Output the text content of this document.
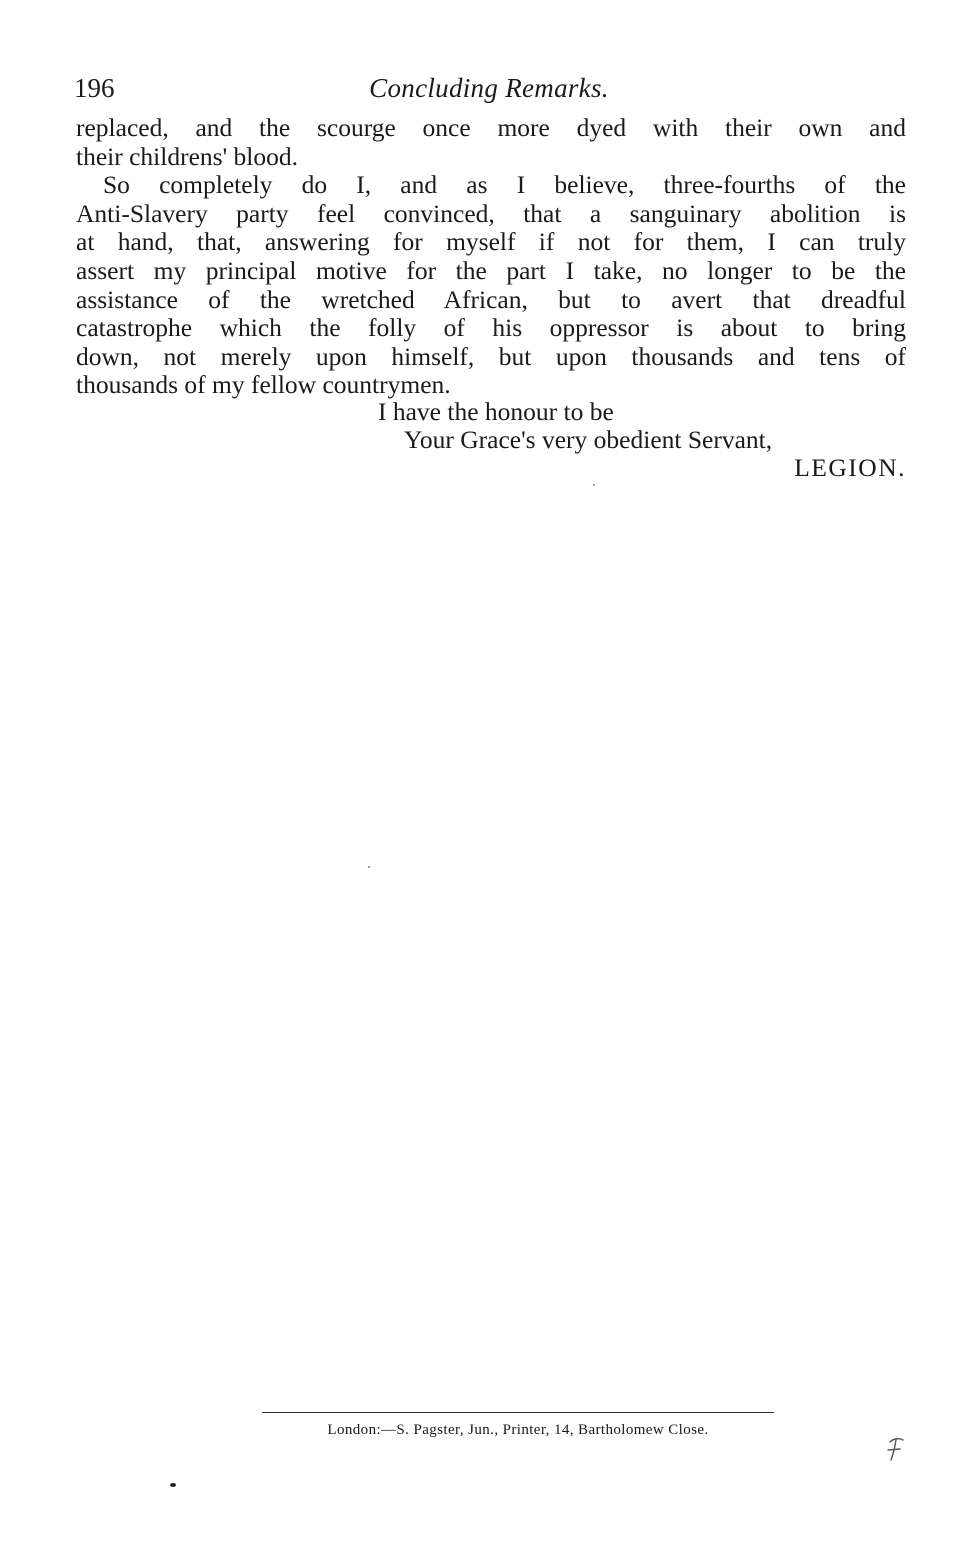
196	Concluding Remarks.
replaced, and the scourge once more dyed with their own and
their childrens' blood.
So completely do I, and as I believe, three-fourths of the
Anti-Slavery party feel convinced, that a sanguinary abolition is
at hand, that, answering for myself if not for them, I can truly
assert my principal motive for the part I take, no longer to be the
assistance of the wretched African, but to avert that dreadful
catastrophe which the folly of his oppressor is about to bring
down, not merely upon himself, but upon thousands and tens of
thousands of my fellow countrymen.
I have the honour to be
Your Grace's very obedient Servant,
LEGION.
London:—S. Pagster, Jun., Printer, 14, Bartholomew Close.
